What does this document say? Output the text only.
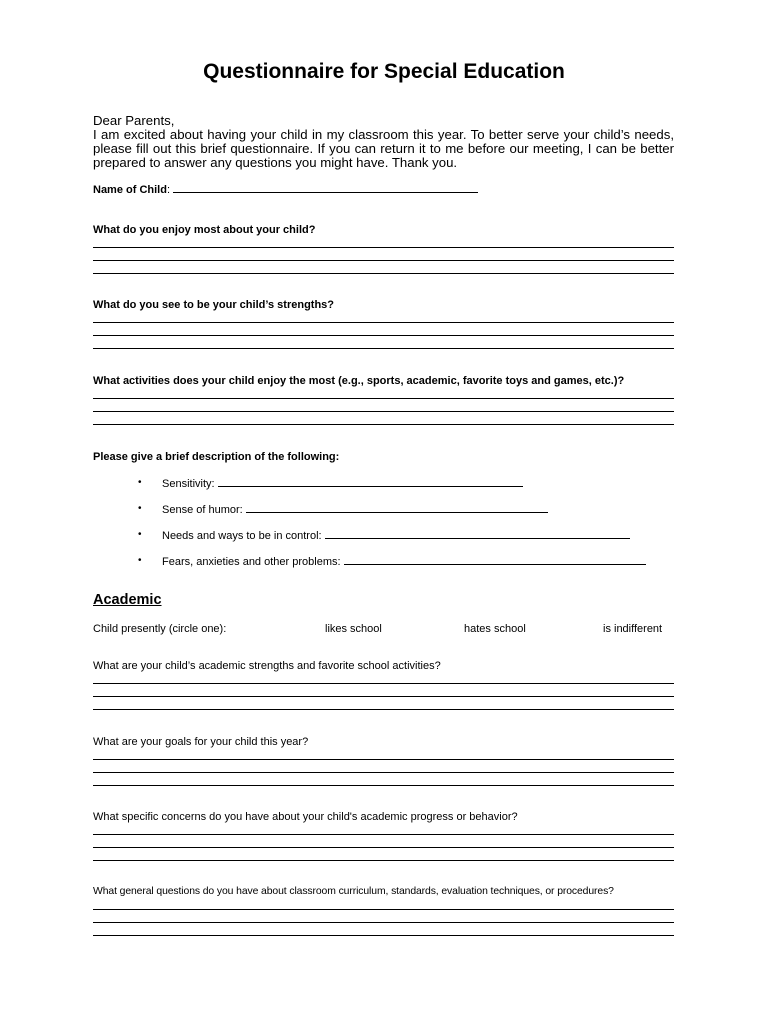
Questionnaire for Special Education
Dear Parents,
I am excited about having your child in my classroom this year. To better serve your child’s needs, please fill out this brief questionnaire. If you can return it to me before our meeting, I can be better prepared to answer any questions you might have. Thank you.
Name of Child:
What do you enjoy most about your child?
What do you see to be your child’s strengths?
What activities does your child enjoy the most (e.g., sports, academic, favorite toys and games, etc.)?
Please give a brief description of the following:
• Sensitivity:
• Sense of humor:
• Needs and ways to be in control:
• Fears, anxieties and other problems:
Academic
Child presently (circle one):	likes school	hates school	is indifferent
What are your child’s academic strengths and favorite school activities?
What are your goals for your child this year?
What specific concerns do you have about your child's academic progress or behavior?
What general questions do you have about classroom curriculum, standards, evaluation techniques, or procedures?
